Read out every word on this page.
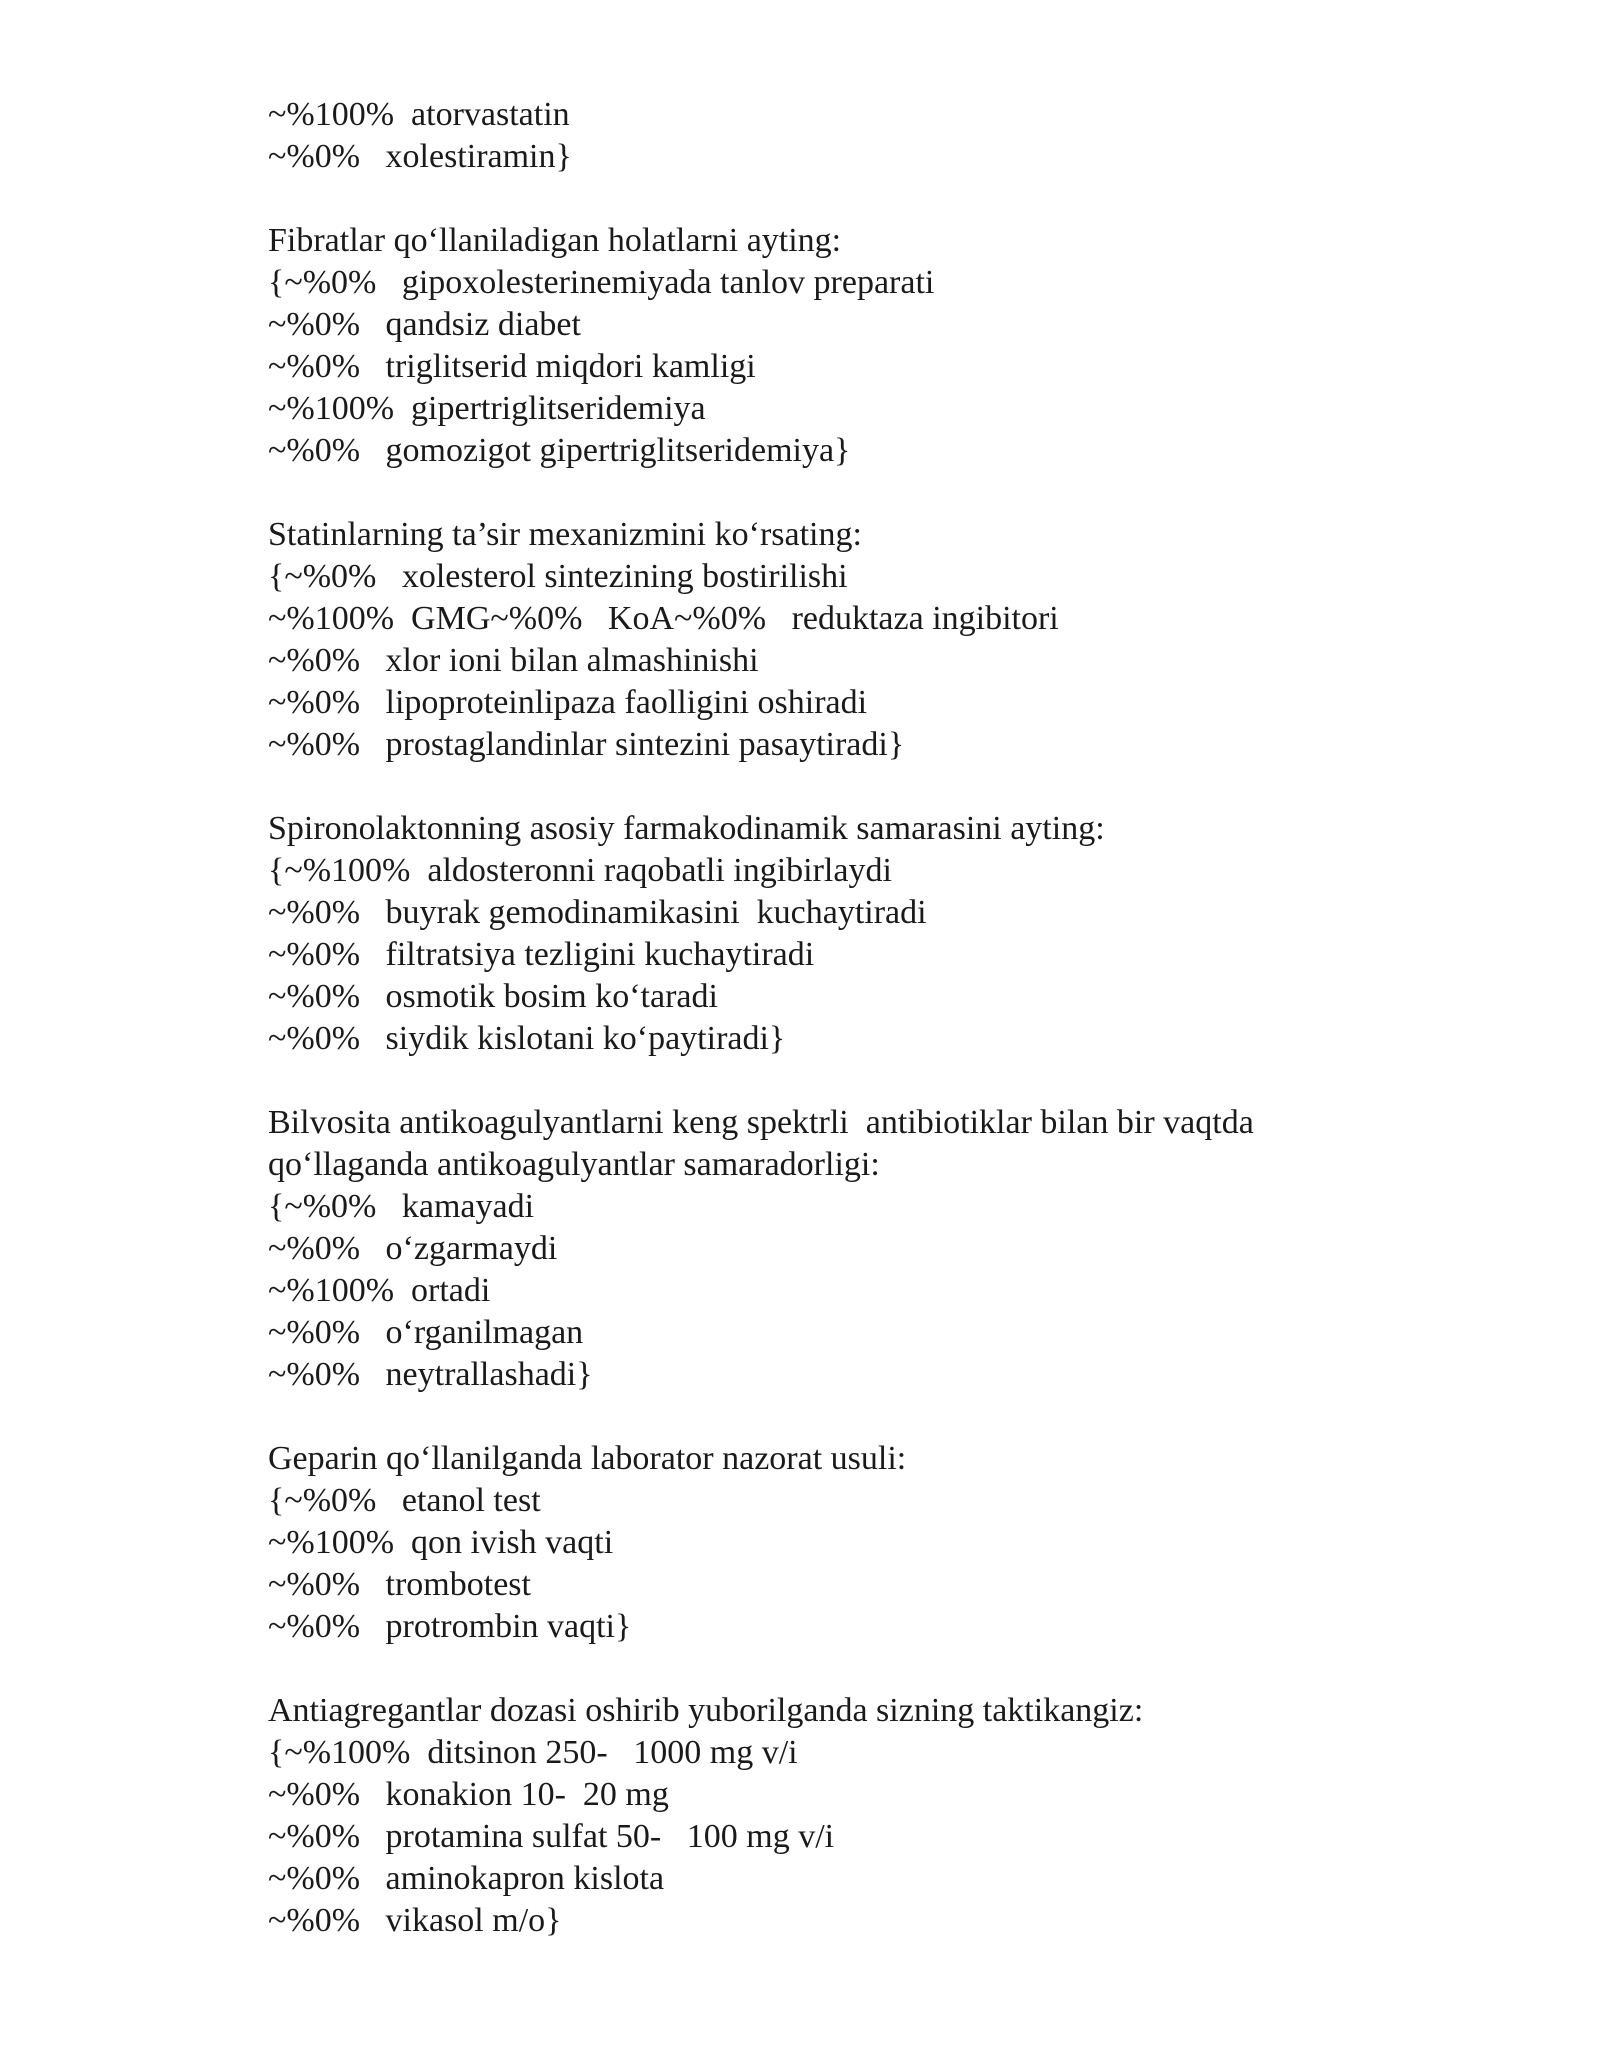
~%100%  atorvastatin
~%0%   xolestiramin}
Fibratlar qo‘llaniladigan holatlarni ayting:
{~%0%   gipoxolesterinemiyada tanlov preparati
~%0%   qandsiz diabet
~%0%   triglitserid miqdori kamligi
~%100%  gipertriglitseridemiya
~%0%   gomozigot gipertriglitseridemiya}
Statinlarning ta’sir mexanizmini ko‘rsating:
{~%0%   xolesterol sintezining bostirilishi
~%100%  GMG~%0%   KoA~%0%   reduktaza ingibitori
~%0%   xlor ioni bilan almashinishi
~%0%   lipoproteinlipaza faolligini oshiradi
~%0%   prostaglandinlar sintezini pasaytiradi}
Spironolaktonning asosiy farmakodinamik samarasini ayting:
{~%100%  aldosteronni raqobatli ingibirlaydi
~%0%   buyrak gemodinamikasini  kuchaytiradi
~%0%   filtratsiya tezligini kuchaytiradi
~%0%   osmotik bosim ko‘taradi
~%0%   siydik kislotani ko‘paytiradi}
Bilvosita antikoagulyantlarni keng spektrli  antibiotiklar bilan bir vaqtda
qo‘llaganda antikoagulyantlar samaradorligi:
{~%0%   kamayadi
~%0%   o‘zgarmaydi
~%100%  ortadi
~%0%   o‘rganilmagan
~%0%   neytrallashadi}
Geparin qo‘llanilganda laborator nazorat usuli:
{~%0%   etanol test
~%100%  qon ivish vaqti
~%0%   trombotest
~%0%   protrombin vaqti}
Antiagregantlar dozasi oshirib yuborilganda sizning taktikangiz:
{~%100%  ditsinon 250-   1000 mg v/i
~%0%   konakion 10-  20 mg
~%0%   protamina sulfat 50-   100 mg v/i
~%0%   aminokapron kislota
~%0%   vikasol m/o}
